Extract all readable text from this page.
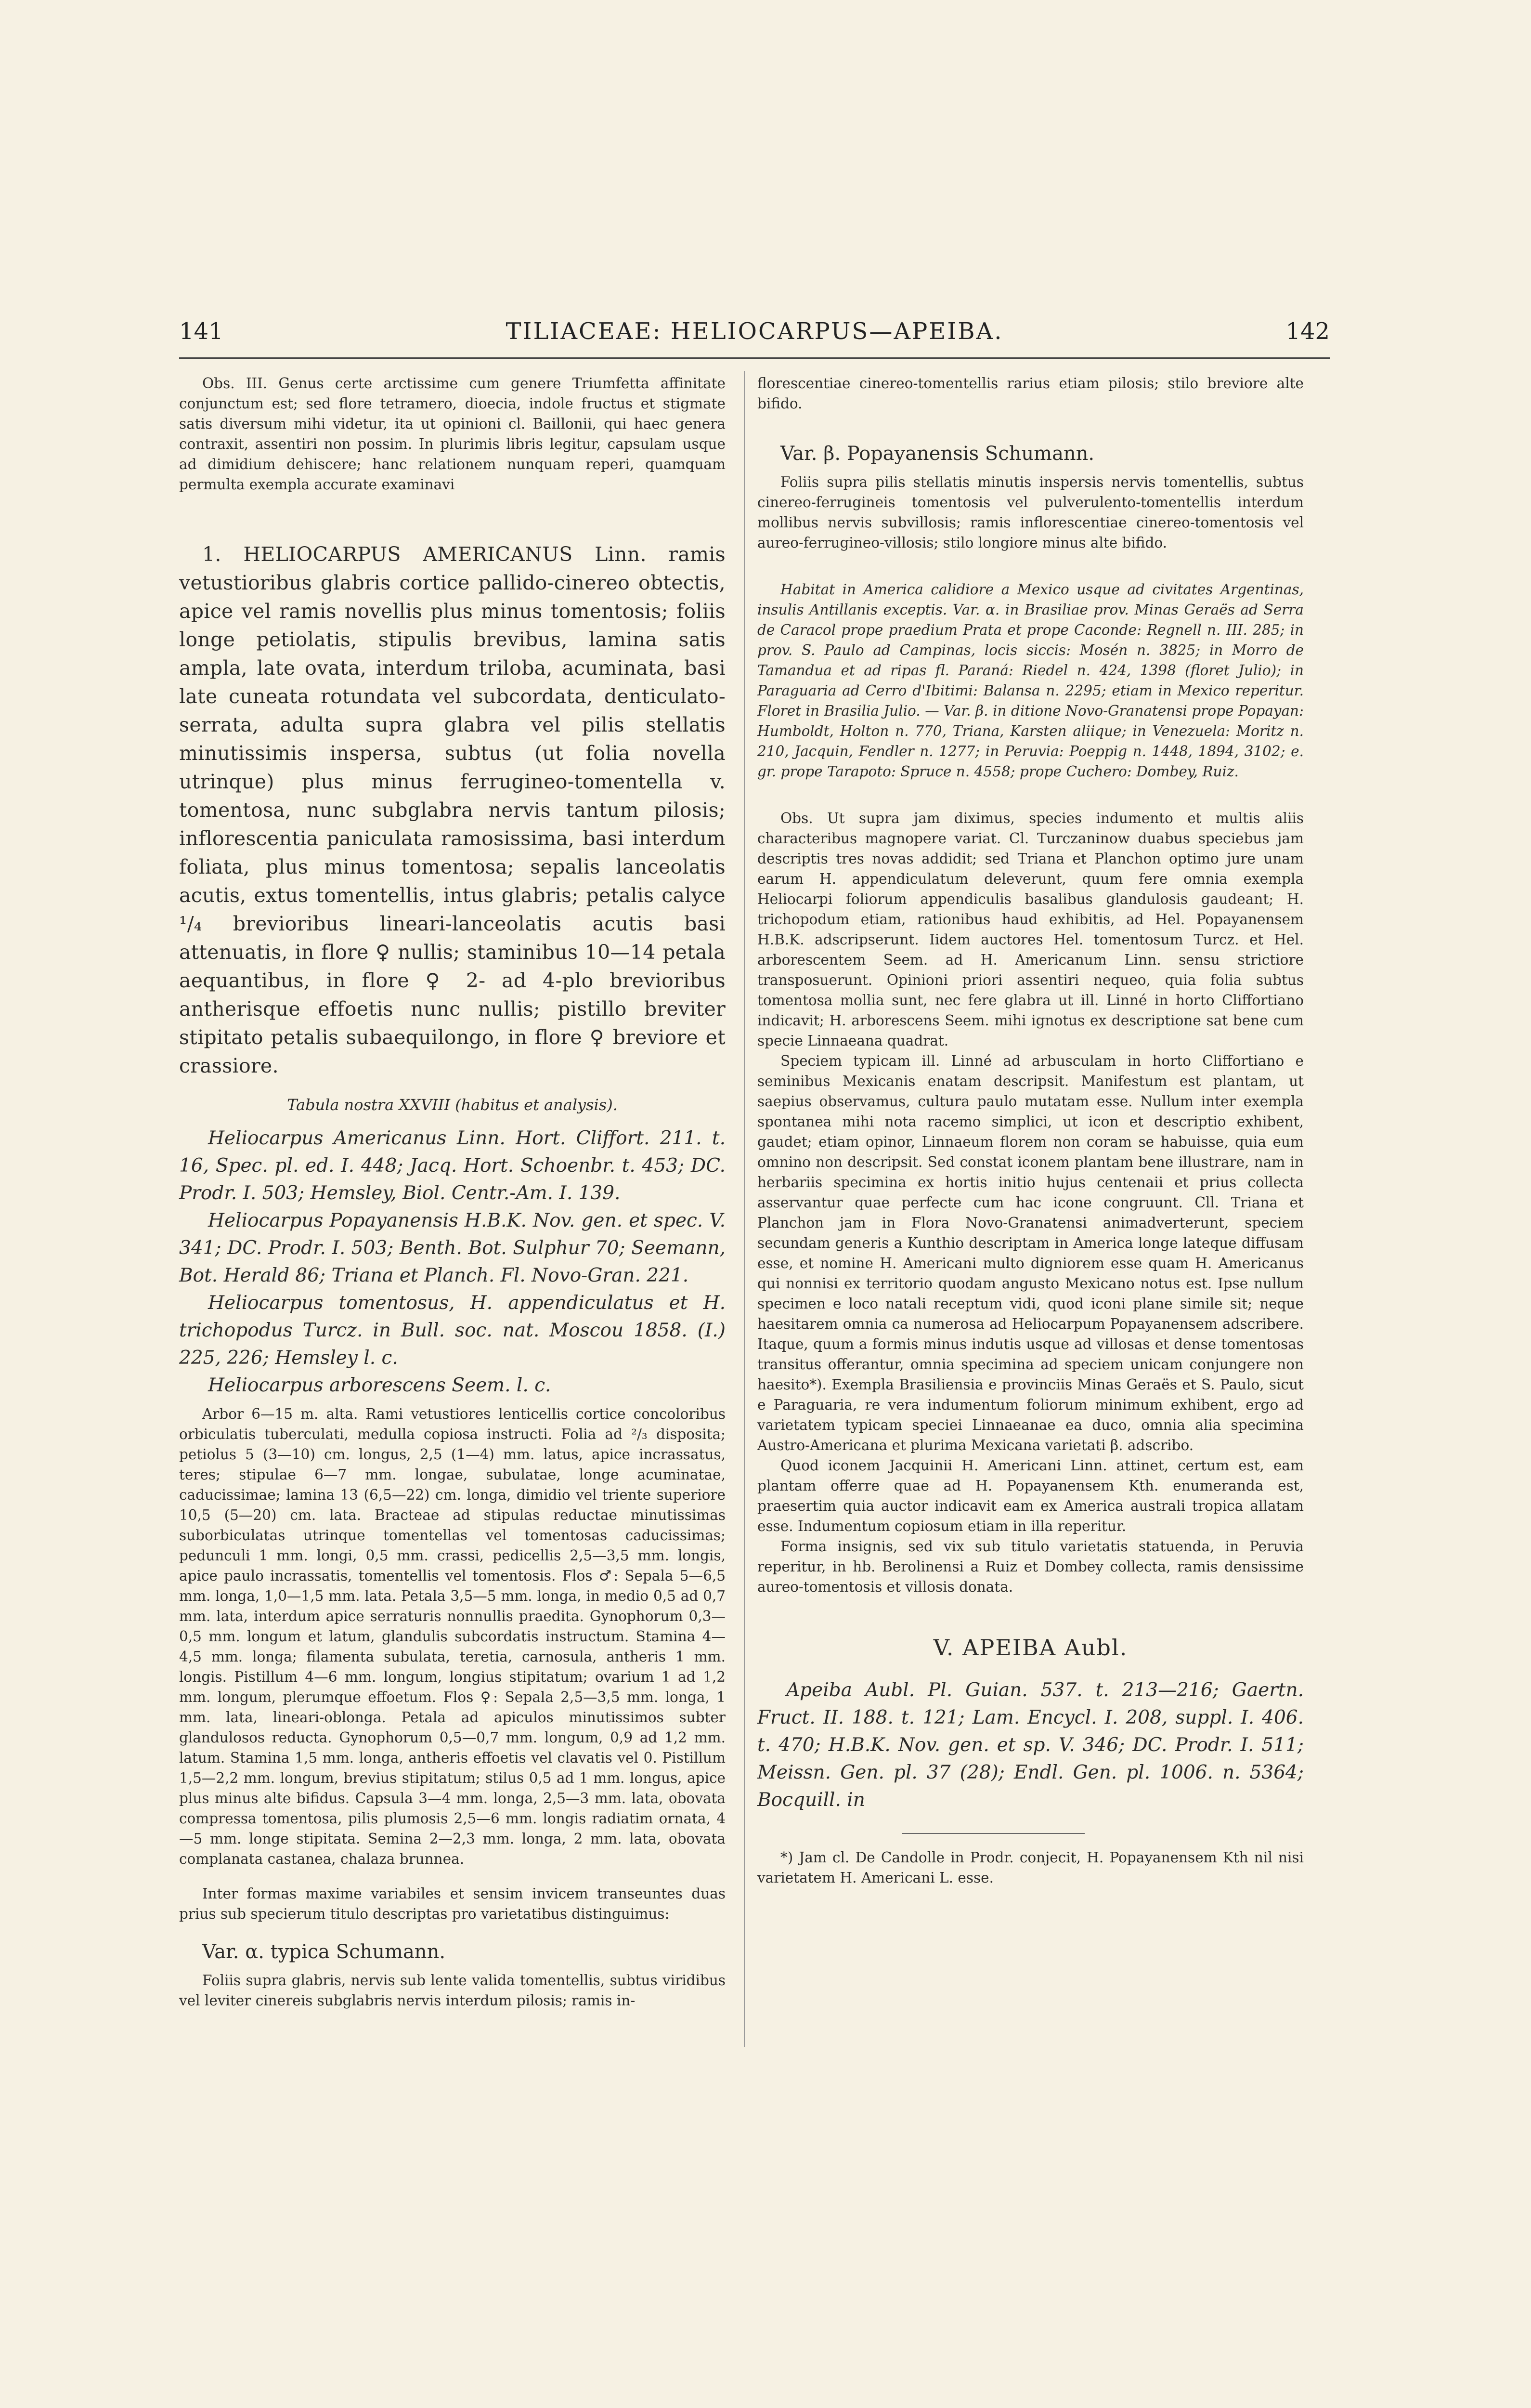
141	TILIACEAE: HELIOCARPUS—APEIBA.	142

Obs. III. Genus certe arctissime cum genere Triumfetta affinitate conjunctum est; sed flore tetramero, dioecia, indole fructus et stigmate satis diversum mihi videtur, ita ut opinioni cl. Baillonii, qui haec genera contraxit, assentiri non possim. In plurimis libris legitur, capsulam usque ad dimidium dehiscere; hanc relationem nunquam reperi, quamquam permulta exempla accurate examinavi

1. HELIOCARPUS AMERICANUS Linn. ramis vetustioribus glabris cortice pallido-cinereo obtectis, apice vel ramis novellis plus minus tomentosis; foliis longe petiolatis, stipulis brevibus, lamina satis ampla, late ovata, interdum triloba, acuminata, basi late cuneata rotundata vel subcordata, denticulato-serrata, adulta supra glabra vel pilis stellatis minutissimis inspersa, subtus (ut folia novella utrinque) plus minus ferrugineo-tomentella v. tomentosa, nunc subglabra nervis tantum pilosis; inflorescentia paniculata ramosissima, basi interdum foliata, plus minus tomentosa; sepalis lanceolatis acutis, extus tomentellis, intus glabris; petalis calyce ¹/₄ brevioribus lineari-lanceolatis acutis basi attenuatis, in flore ♀ nullis; staminibus 10—14 petala aequantibus, in flore ♀ 2- ad 4-plo brevioribus antherisque effoetis nunc nullis; pistillo breviter stipitato petalis subaequilongo, in flore ♀ breviore et crassiore.

Tabula nostra XXVIII (habitus et analysis).

Heliocarpus Americanus Linn. Hort. Cliffort. 211. t. 16, Spec. pl. ed. I. 448; Jacq. Hort. Schoenbr. t. 453; DC. Prodr. I. 503; Hemsley, Biol. Centr.-Am. I. 139.

Heliocarpus Popayanensis H.B.K. Nov. gen. et spec. V. 341; DC. Prodr. I. 503; Benth. Bot. Sulphur 70; Seemann, Bot. Herald 86; Triana et Planch. Fl. Novo-Gran. 221.

Heliocarpus tomentosus, H. appendiculatus et H. trichopodus Turcz. in Bull. soc. nat. Moscou 1858. (I.) 225, 226; Hemsley l. c.

Heliocarpus arborescens Seem. l. c.

Arbor 6—15 m. alta. Rami vetustiores lenticellis corticе concoloribus orbiculatis tuberculati, medulla copiosa instructi. Folia ad ²/₃ disposita; petiolus 5 (3—10) cm. longus, 2,5 (1—4) mm. latus, apice incrassatus, teres; stipulae 6—7 mm. longae, subulatae, longe acuminatae, caducissimae; lamina 13 (6,5—22) cm. longa, dimidio vel triente superiore 10,5 (5—20) cm. lata. Bracteae ad stipulas reductae minutissimas suborbiculatas utrinque tomentellas vel tomentosas caducissimas; pedunculi 1 mm. longi, 0,5 mm. crassi, pedicellis 2,5—3,5 mm. longis, apice paulo incrassatis, tomentellis vel tomentosis. Flos ♂: Sepala 5—6,5 mm. longa, 1,0—1,5 mm. lata. Petala 3,5—5 mm. longa, in medio 0,5 ad 0,7 mm. lata, interdum apice serraturis nonnullis praedita. Gynophorum 0,3—0,5 mm. longum et latum, glandulis subcordatis instructum. Stamina 4—4,5 mm. longa; filamenta subulata, teretia, carnosula, antheris 1 mm. longis. Pistillum 4—6 mm. longum, longius stipitatum; ovarium 1 ad 1,2 mm. longum, plerumque effoetum. Flos ♀: Sepala 2,5—3,5 mm. longa, 1 mm. lata, lineari-oblonga. Petala ad apiculos minutissimos subter glandulosos reducta. Gynophorum 0,5—0,7 mm. longum, 0,9 ad 1,2 mm. latum. Stamina 1,5 mm. longa, antheris effoetis vel clavatis vel 0. Pistillum 1,5—2,2 mm. longum, brevius stipitatum; stilus 0,5 ad 1 mm. longus, apice plus minus alte bifidus. Capsula 3—4 mm. longa, 2,5—3 mm. lata, obovata compressa tomentosa, pilis plumosis 2,5—6 mm. longis radiatim ornata, 4—5 mm. longe stipitata. Semina 2—2,3 mm. longa, 2 mm. lata, obovata complanata castanea, chalaza brunnea.

Inter formas maxime variabiles et sensim invicem transeuntes duas prius sub specierum titulo descriptas pro varietatibus distinguimus:

Var. α. typica Schumann.

Foliis supra glabris, nervis sub lente valida tomentellis, subtus viridibus vel leviter cinereis subglabris nervis interdum pilosis; ramis in-

florescentiae cinereo-tomentellis rarius etiam pilosis; stilo breviore alte bifido.

Var. β. Popayanensis Schumann.

Foliis supra pilis stellatis minutis inspersis nervis tomentellis, subtus cinereo-ferrugineis tomentosis vel pulverulento-tomentellis interdum mollibus nervis subvillosis; ramis inflorescentiae cinereo-tomentosis vel aureo-ferrugineo-villosis; stilo longiore minus alte bifido.

Habitat in America calidiore a Mexico usque ad civitates Argentinas, insulis Antillanis exceptis. Var. α. in Brasiliae prov. Minas Geraës ad Serra de Caracol prope praedium Prata et prope Caconde: Regnell n. III. 285; in prov. S. Paulo ad Campinas, locis siccis: Mosén n. 3825; in Morro de Tamandua et ad ripas fl. Paraná: Riedel n. 424, 1398 (floret Julio); in Paraguaria ad Cerro d'Ibitimi: Balansa n. 2295; etiam in Mexico reperitur. Floret in Brasilia Julio. — Var. β. in ditione Novo-Granatensi prope Popayan: Humboldt, Holton n. 770, Triana, Karsten aliique; in Venezuela: Moritz n. 210, Jacquin, Fendler n. 1277; in Peruvia: Poeppig n. 1448, 1894, 3102; e. gr. prope Tarapoto: Spruce n. 4558; prope Cuchero: Dombey, Ruiz.

Obs. Ut supra jam diximus, species indumento et multis aliis characteribus magnopere variat. Cl. Turczaninow duabus speciebus jam descriptis tres novas addidit; sed Triana et Planchon optimo jure unam earum H. appendiculatum deleverunt, quum fere omnia exempla Heliocarpi foliorum appendiculis basalibus glandulosis gaudeant; H. trichopodum etiam, rationibus haud exhibitis, ad Hel. Popayanensem H.B.K. adscripserunt. Iidem auctores Hel. tomentosum Turcz. et Hel. arborescentem Seem. ad H. Americanum Linn. sensu strictiore transposuerunt. Opinioni priori assentiri nequeo, quia folia subtus tomentosa mollia sunt, nec fere glabra ut ill. Linné in horto Cliffortiano indicavit; H. arborescens Seem. mihi ignotus ex descriptione sat bene cum specie Linnaeana quadrat.

Speciem typicam ill. Linné ad arbusculam in horto Cliffortiano e seminibus Mexicanis enatam descripsit. Manifestum est plantam, ut saepius observamus, cultura paulo mutatam esse. Nullum inter exempla spontanea mihi nota racemo simplici, ut icon et descriptio exhibent, gaudet; etiam opinor, Linnaeum florem non coram se habuisse, quia eum omnino non descripsit. Sed constat iconem plantam bene illustrare, nam in herbariis specimina ex hortis initio hujus centenaii et prius collecta asservantur quae perfecte cum hac icone congruunt. Cll. Triana et Planchon jam in Flora Novo-Granatensi animadverterunt, speciem secundam generis a Kunthio descriptam in America longe lateque diffusam esse, et nomine H. Americani multo digniorem esse quam H. Americanus qui nonnisi ex territorio quodam angusto Mexicano notus est. Ipse nullum specimen e loco natali receptum vidi, quod iconi plane simile sit; neque haesitarem omnia ca numerosa ad Heliocarpum Popayanensem adscribere. Itaque, quum a formis minus indutis usque ad villosas et dense tomentosas transitus offerantur, omnia specimina ad speciem unicam conjungere non haesito*). Exempla Brasiliensia e provinciis Minas Geraës et S. Paulo, sicut e Paraguaria, re vera indumentum foliorum minimum exhibent, ergo ad varietatem typicam speciei Linnaeanae ea duco, omnia alia specimina Austro-Americana et plurima Mexicana varietati β. adscribo.

Quod iconem Jacquinii H. Americani Linn. attinet, certum est, eam plantam offerre quae ad H. Popayanensem Kth. enumeranda est, praesertim quia auctor indicavit eam ex America australi tropica allatam esse. Indumentum copiosum etiam in illa reperitur.

Forma insignis, sed vix sub titulo varietatis statuenda, in Peruvia reperitur, in hb. Berolinensi a Ruiz et Dombey collecta, ramis densissime aureo-tomentosis et villosis donata.

V. APEIBA Aubl.

Apeiba Aubl. Pl. Guian. 537. t. 213—216; Gaertn. Fruct. II. 188. t. 121; Lam. Encycl. I. 208, suppl. I. 406. t. 470; H.B.K. Nov. gen. et sp. V. 346; DC. Prodr. I. 511; Meissn. Gen. pl. 37 (28); Endl. Gen. pl. 1006. n. 5364; Bocquill. in

*) Jam cl. De Candolle in Prodr. conjecit, H. Popayanensem Kth nil nisi varietatem H. Americani L. esse.
